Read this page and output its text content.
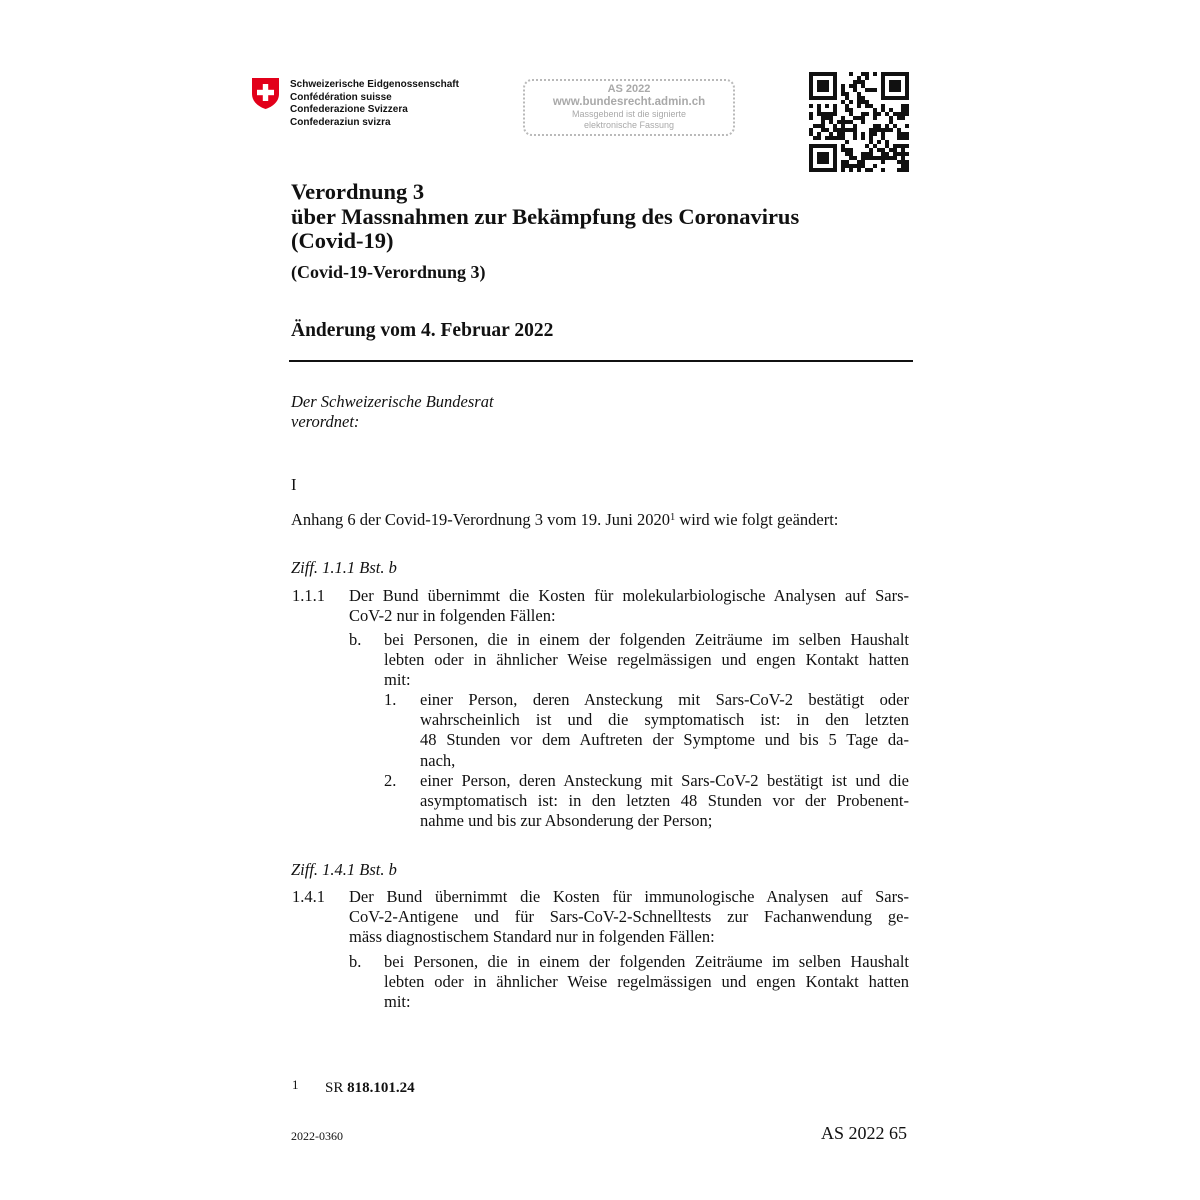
Schweizerische Eidgenossenschaft
Confédération suisse
Confederazione Svizzera
Confederaziun svizra
AS 2022
www.bundesrecht.admin.ch
Massgebend ist die signierte
elektronische Fassung
Verordnung 3
über Massnahmen zur Bekämpfung des Coronavirus
(Covid-19)
(Covid-19-Verordnung 3)
Änderung vom 4. Februar 2022
Der Schweizerische Bundesrat
verordnet:
I
Anhang 6 der Covid-19-Verordnung 3 vom 19. Juni 2020$^1$ wird wie folgt geändert:
Ziff. 1.1.1 Bst. b
1.1.1 Der Bund übernimmt die Kosten für molekularbiologische Analysen auf Sars-
CoV-2 nur in folgenden Fällen:
b. bei Personen, die in einem der folgenden Zeiträume im selben Haushalt
lebten oder in ähnlicher Weise regelmässigen und engen Kontakt hatten
mit:
1. einer Person, deren Ansteckung mit Sars-CoV-2 bestätigt oder
wahrscheinlich ist und die symptomatisch ist: in den letzten
48 Stunden vor dem Auftreten der Symptome und bis 5 Tage da-
nach,
2. einer Person, deren Ansteckung mit Sars-CoV-2 bestätigt ist und die
asymptomatisch ist: in den letzten 48 Stunden vor der Probenent-
nahme und bis zur Absonderung der Person;
Ziff. 1.4.1 Bst. b
1.4.1 Der Bund übernimmt die Kosten für immunologische Analysen auf Sars-
CoV-2-Antigene und für Sars-CoV-2-Schnelltests zur Fachanwendung ge-
mäss diagnostischem Standard nur in folgenden Fällen:
b. bei Personen, die in einem der folgenden Zeiträume im selben Haushalt
lebten oder in ähnlicher Weise regelmässigen und engen Kontakt hatten
mit:
1 SR 818.101.24
2022-0360	AS 2022 65
